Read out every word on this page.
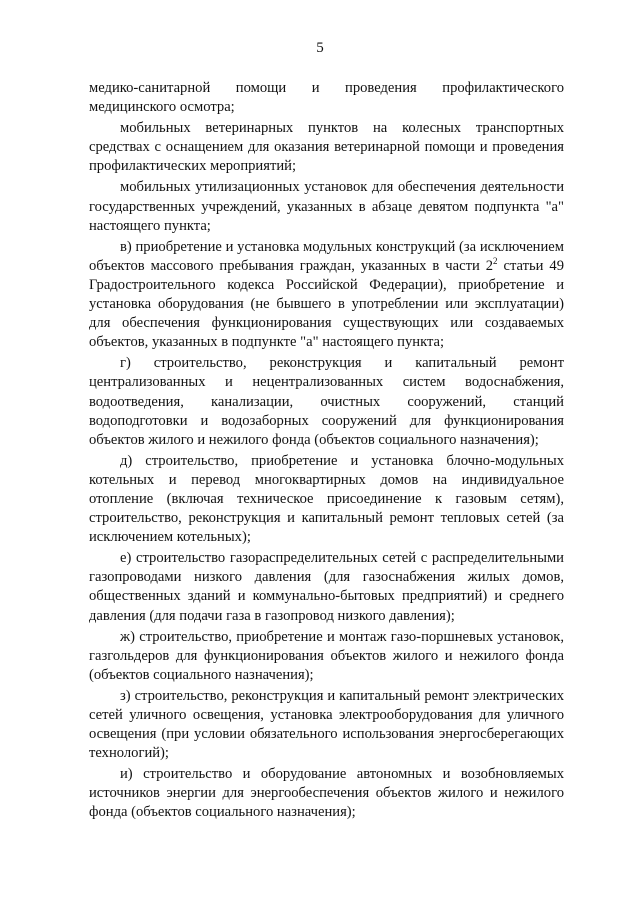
5

медико-санитарной помощи и проведения профилактического медицинского осмотра;

мобильных ветеринарных пунктов на колесных транспортных средствах с оснащением для оказания ветеринарной помощи и проведения профилактических мероприятий;

мобильных утилизационных установок для обеспечения деятельности государственных учреждений, указанных в абзаце девятом подпункта "а" настоящего пункта;

в) приобретение и установка модульных конструкций (за исключением объектов массового пребывания граждан, указанных в части $2^2$ статьи 49 Градостроительного кодекса Российской Федерации), приобретение и установка оборудования (не бывшего в употреблении или эксплуатации) для обеспечения функционирования существующих или создаваемых объектов, указанных в подпункте "а" настоящего пункта;

г) строительство, реконструкция и капитальный ремонт централизованных и нецентрализованных систем водоснабжения, водоотведения, канализации, очистных сооружений, станций водоподготовки и водозаборных сооружений для функционирования объектов жилого и нежилого фонда (объектов социального назначения);

д) строительство, приобретение и установка блочно-модульных котельных и перевод многоквартирных домов на индивидуальное отопление (включая техническое присоединение к газовым сетям), строительство, реконструкция и капитальный ремонт тепловых сетей (за исключением котельных);

е) строительство газораспределительных сетей с распределительными газопроводами низкого давления (для газоснабжения жилых домов, общественных зданий и коммунально-бытовых предприятий) и среднего давления (для подачи газа в газопровод низкого давления);

ж) строительство, приобретение и монтаж газо-поршневых установок, газгольдеров для функционирования объектов жилого и нежилого фонда (объектов социального назначения);

з) строительство, реконструкция и капитальный ремонт электрических сетей уличного освещения, установка электрооборудования для уличного освещения (при условии обязательного использования энергосберегающих технологий);

и) строительство и оборудование автономных и возобновляемых источников энергии для энергообеспечения объектов жилого и нежилого фонда (объектов социального назначения);
